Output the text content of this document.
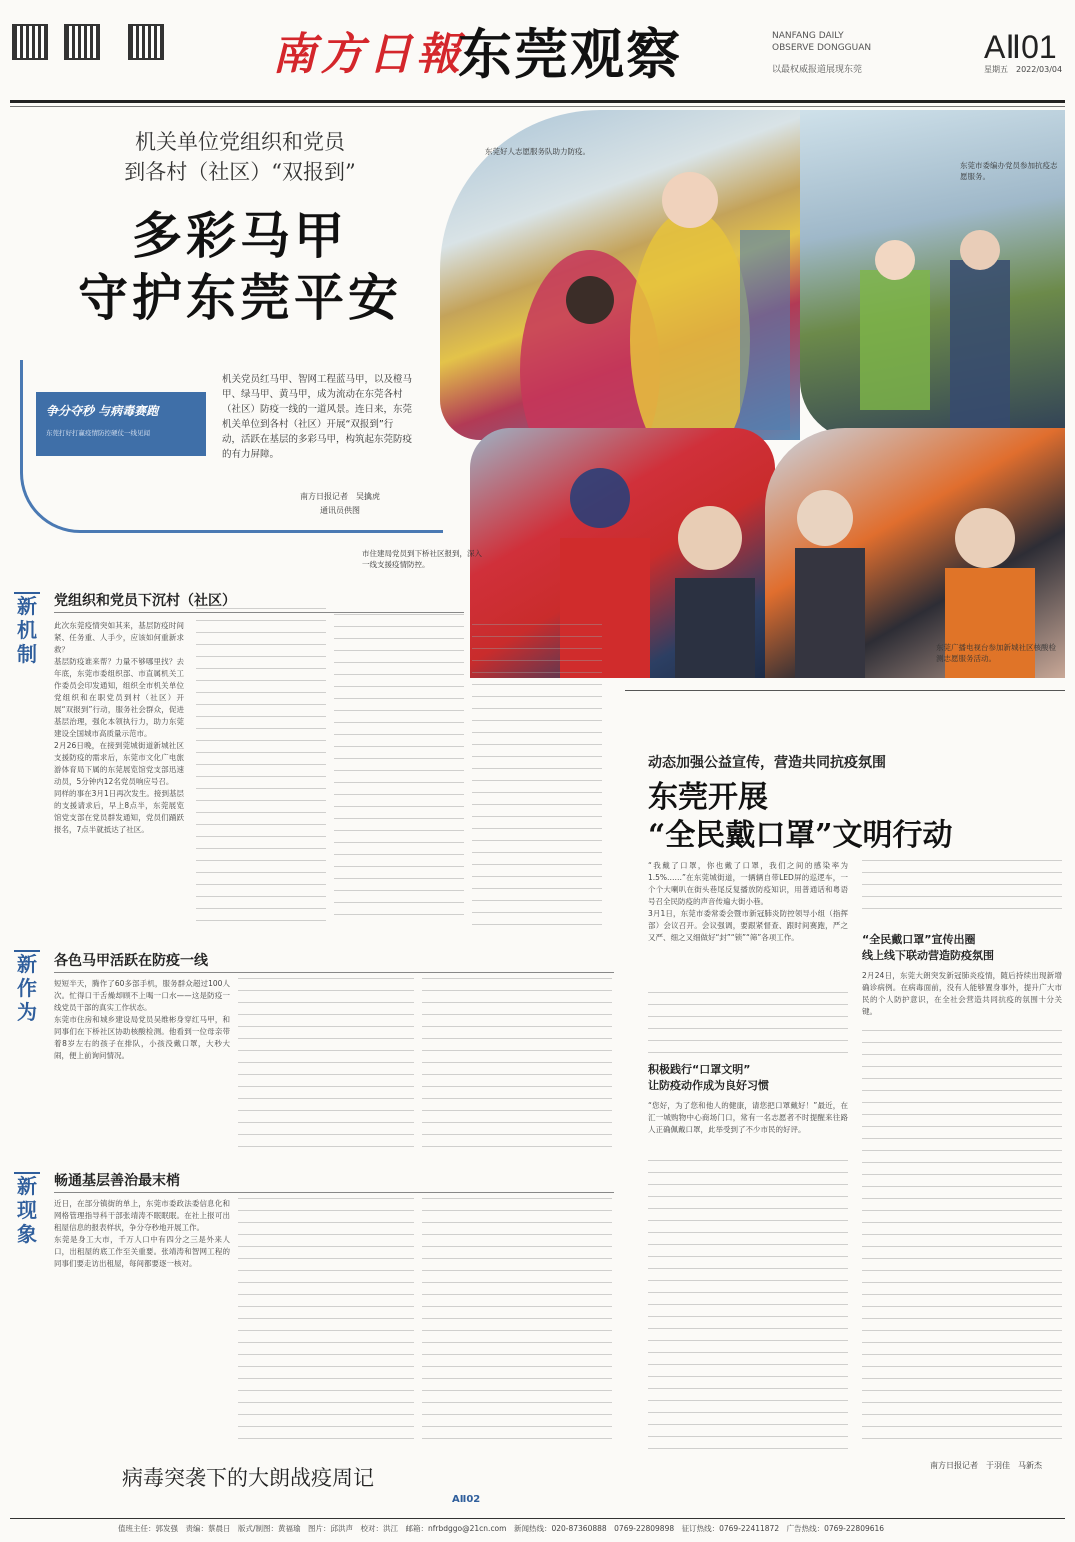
南方日報
东莞观察	NANFANG DAILY
OBSERVE DONGGUAN
以最权威报道展现东莞
AⅡ01
星期五　2022/03/04
机关单位党组织和党员
到各村（社区）“双报到”
多彩马甲
守护东莞平安
争分夺秒 与病毒赛跑
东莞打好打赢疫情防控硬仗一线见闻
机关党员红马甲、智网工程蓝马甲，以及橙马甲、绿马甲、黄马甲，成为流动在东莞各村（社区）防疫一线的一道风景。连日来，东莞机关单位到各村（社区）开展“双报到”行动，活跃在基层的多彩马甲，构筑起东莞防疫的有力屏障。
南方日报记者　吴擒虎
通讯员供图
东莞好人志愿服务队助力防疫。
东莞市委编办党员参加抗疫志愿服务。
市住建局党员到下桥社区报到，深入一线支援疫情防控。
东莞广播电视台参加新城社区核酸检测志愿服务活动。
新
机
制
党组织和党员下沉村（社区）
此次东莞疫情突如其来，基层防疫时间紧、任务重、人手少，应该如何重新求救？
基层防疫谁来帮？力量不够哪里找？去年底，东莞市委组织部、市直属机关工作委员会印发通知，组织全市机关单位党组织和在职党员到村（社区）开展“双报到”行动，服务社会群众，促进基层治理，强化本领执行力，助力东莞建设全国城市高质量示范市。
2月26日晚，在接到莞城街道新城社区支援防疫的需求后，东莞市文化广电旅游体育局下属的东莞展览馆党支部迅速动员，5分钟内12名党员响应号召。
同样的事在3月1日再次发生。接到基层的支援请求后，早上8点半，东莞展览馆党支部在党员群发通知，党员们踊跃报名，7点半就抵达了社区。
新
作
为
各色马甲活跃在防疫一线
短短半天，腾作了60多部手机，服务群众超过100人次。忙得口干舌燥却顾不上喝一口水——这是防疫一线党员干部的真实工作状态。
东莞市住房和城乡建设局党员吴维彬身穿红马甲，和同事们在下桥社区协助核酸检测。他看到一位母亲带着8岁左右的孩子在排队，小孩没戴口罩，大秒大闹，便上前询问情况。
新
现
象
畅通基层善治最末梢
近日，在部分镇街的单上，东莞市委政法委信息化和网格管理指导科干部张靖涛不眠眠眠。在社上报可出租屋信息的报表样状，争分夺秒地开展工作。
东莞是身工大市，千万人口中有四分之三是外来人口，出租屋的底工作至关重要。张靖涛和智网工程的同事们要走访出租屋，每间都要逐一核对。
动态加强公益宣传，营造共同抗疫氛围
东莞开展
“全民戴口罩”文明行动
“我戴了口罩，你也戴了口罩，我们之间的感染率为1.5%……”在东莞城街道，一辆辆自带LED屏的巡逻车，一个个大喇叭在街头巷尾反复播放防疫知识，用普通话和粤语号召全民防疫的声音传遍大街小巷。
3月1日，东莞市委常委会暨市新冠肺炎防控领导小组（指挥部）会议召开。会议强调，要跟紧督查、跟时间赛跑，严之又严、细之又细做好“封”“锁”“筛”各项工作。
积极践行“口罩文明”
让防疫动作成为良好习惯
“您好，为了您和他人的健康，请您把口罩戴好！”最近，在汇一城购物中心商场门口，常有一名志愿者不时提醒来往路人正确佩戴口罩，此举受到了不少市民的好评。
“全民戴口罩”宣传出圈
线上线下联动营造防疫氛围
2月24日，东莞大朗突发新冠肺炎疫情，随后持续出现新增确诊病例。在病毒面前，没有人能够置身事外，提升广大市民的个人防护意识，在全社会营造共同抗疫的氛围十分关键。
南方日报记者　于羽佳　马新杰
病毒突袭下的大朗战疫周记
AⅡ02
值班主任：郭发强　责编：蔡晨日　版式/制图：黄福瑜　图片：邱洪声　校对：洪江　邮箱：nfrbdggo@21cn.com　新闻热线：020-87360888　0769-22809898　征订热线：0769-22411872　广告热线：0769-22809616
